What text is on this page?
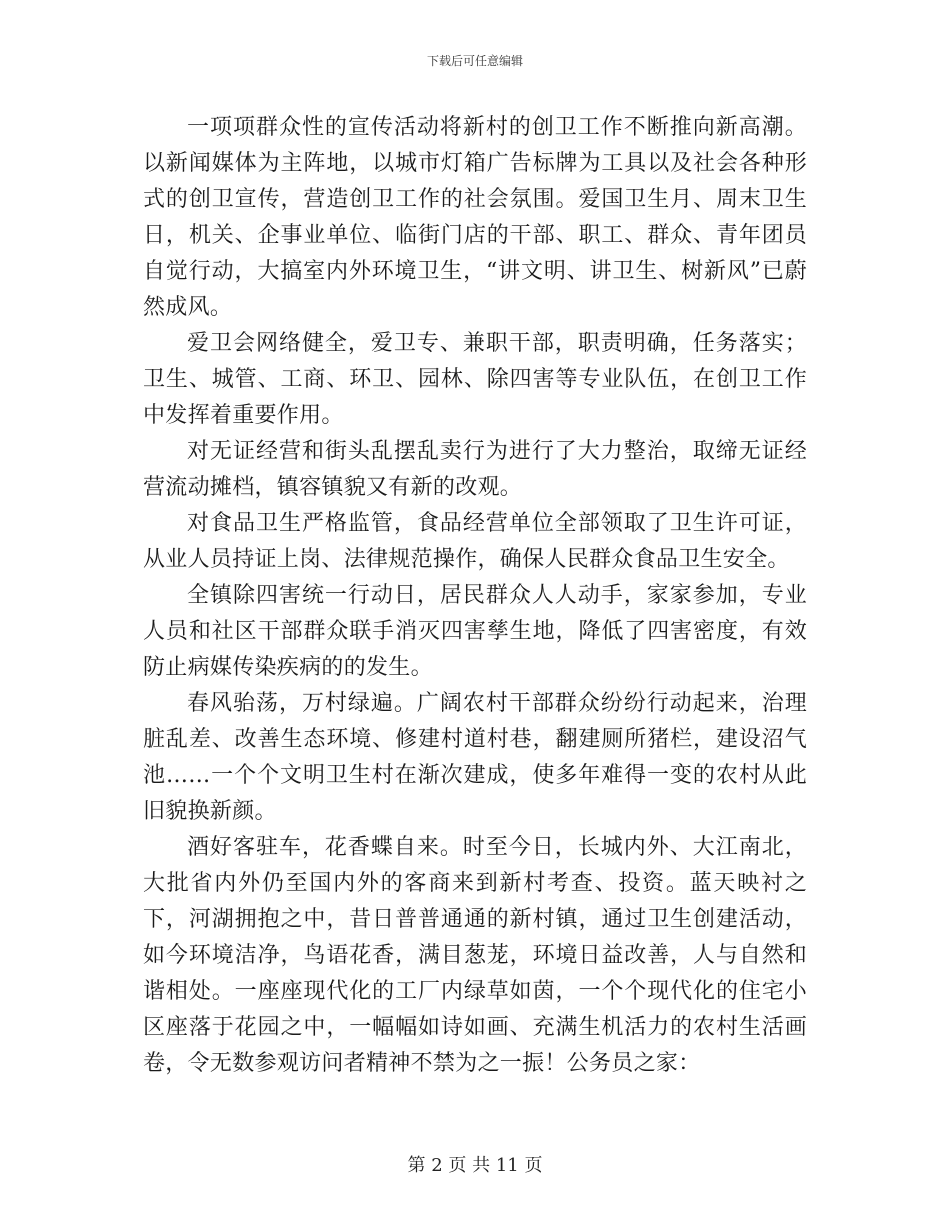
下载后可任意编辑

一项项群众性的宣传活动将新村的创卫工作不断推向新高潮。以新闻媒体为主阵地，以城市灯箱广告标牌为工具以及社会各种形式的创卫宣传，营造创卫工作的社会氛围。爱国卫生月、周末卫生日，机关、企事业单位、临街门店的干部、职工、群众、青年团员自觉行动，大搞室内外环境卫生，“讲文明、讲卫生、树新风”已蔚然成风。

爱卫会网络健全，爱卫专、兼职干部，职责明确，任务落实；卫生、城管、工商、环卫、园林、除四害等专业队伍，在创卫工作中发挥着重要作用。

对无证经营和街头乱摆乱卖行为进行了大力整治，取缔无证经营流动摊档，镇容镇貌又有新的改观。

对食品卫生严格监管，食品经营单位全部领取了卫生许可证，从业人员持证上岗、法律规范操作，确保人民群众食品卫生安全。

全镇除四害统一行动日，居民群众人人动手，家家参加，专业人员和社区干部群众联手消灭四害孳生地，降低了四害密度，有效防止病媒传染疾病的的发生。

春风骀荡，万村绿遍。广阔农村干部群众纷纷行动起来，治理脏乱差、改善生态环境、修建村道村巷，翻建厕所猪栏，建设沼气池……一个个文明卫生村在渐次建成，使多年难得一变的农村从此旧貌换新颜。

酒好客驻车，花香蝶自来。时至今日，长城内外、大江南北，大批省内外仍至国内外的客商来到新村考查、投资。蓝天映衬之下，河湖拥抱之中，昔日普普通通的新村镇，通过卫生创建活动，如今环境洁净，鸟语花香，满目葱茏，环境日益改善，人与自然和谐相处。一座座现代化的工厂内绿草如茵，一个个现代化的住宅小区座落于花园之中，一幅幅如诗如画、充满生机活力的农村生活画卷，令无数参观访问者精神不禁为之一振！公务员之家：

第 2 页 共 11 页
